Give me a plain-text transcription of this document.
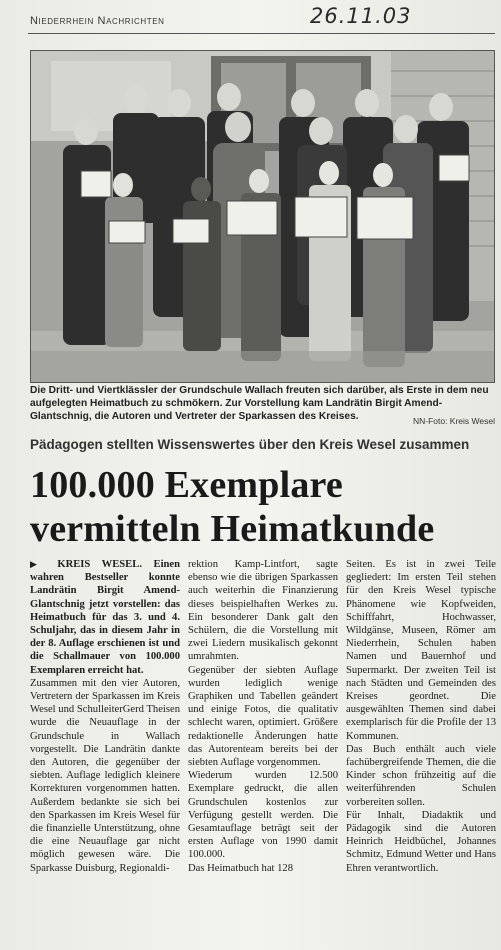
Niederrhein Nachrichten	26.11.03
Die Dritt- und Viertklässler der Grundschule Wallach freuten sich darüber, als Erste in dem neu aufgelegten Heimatbuch zu schmökern. Zur Vorstellung kam Landrätin Birgit Amend-Glantschnig, die Autoren und Vertreter der Sparkassen des Kreises.	NN-Foto: Kreis Wesel
Pädagogen stellten Wissenswertes über den Kreis Wesel zusammen
100.000 Exemplare vermitteln Heimatkunde

▶ KREIS WESEL. Einen wahren Bestseller konnte Landrätin Birgit Amend-Glantschnig jetzt vorstellen: das Heimatbuch für das 3. und 4. Schuljahr, das in diesem Jahr in der 8. Auflage erschienen ist und die Schallmauer von 100.000 Exemplaren erreicht hat.

Zusammen mit den vier Autoren, Vertretern der Sparkassen im Kreis Wesel und SchulleiterGerd Theisen wurde die Neuauflage in der Grundschule in Wallach vorgestellt. Die Landrätin dankte den Autoren, die gegenüber der siebten. Auflage lediglich kleinere Korrekturen vorgenommen hatten. Außerdem bedankte sie sich bei den Sparkassen im Kreis Wesel für die finanzielle Unterstützung, ohne die eine Neuauflage gar nicht möglich gewesen wäre. Die Sparkasse Duisburg, Regionaldi-

rektion Kamp-Lintfort, sagte ebenso wie die übrigen Sparkassen auch weiterhin die Finanzierung dieses beispielhaften Werkes zu. Ein besonderer Dank galt den Schülern, die die Vorstellung mit zwei Liedern musikalisch gekonnt umrahmten.

Gegenüber der siebten Auflage wurden lediglich wenige Graphiken und Tabellen geändert und einige Fotos, die qualitativ schlecht waren, optimiert. Größere redaktionelle Änderungen hatte das Autorenteam bereits bei der siebten Auflage vorgenommen.

Wiederum wurden 12.500 Exemplare gedruckt, die allen Grundschulen kostenlos zur Verfügung gestellt werden. Die Gesamtauflage beträgt seit der ersten Auflage von 1990 damit 100.000.

Das Heimatbuch hat 128

Seiten. Es ist in zwei Teile gegliedert: Im ersten Teil stehen für den Kreis Wesel typische Phänomene wie Kopfweiden, Schifffahrt, Hochwasser, Wildgänse, Museen, Römer am Niederrhein, Schulen haben Namen und Bauernhof und Supermarkt. Der zweiten Teil ist nach Städten und Gemeinden des Kreises geordnet. Die ausgewählten Themen sind dabei exemplarisch für die Profile der 13 Kommunen.

Das Buch enthält auch viele fachübergreifende Themen, die die Kinder schon frühzeitig auf die weiterführenden Schulen vorbereiten sollen.

Für Inhalt, Diadaktik und Pädagogik sind die Autoren Heinrich Heidbüchel, Johannes Schmitz, Edmund Wetter und Hans Ehren verantwortlich.
